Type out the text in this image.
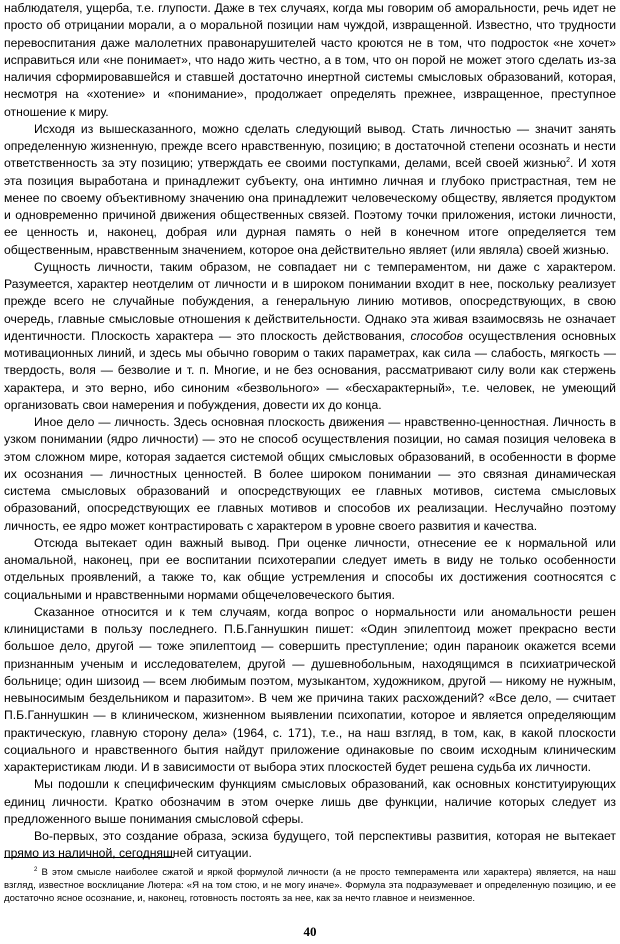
наблюдателя, ущерба, т.е. глупости. Даже в тех случаях, когда мы говорим об аморальности, речь идет не просто об отрицании морали, а о моральной позиции нам чуждой, извращенной. Известно, что трудности перевоспитания даже малолетних правонарушителей часто кроются не в том, что подросток «не хочет» исправиться или «не понимает», что надо жить честно, а в том, что он порой не может этого сделать из-за наличия сформировавшейся и ставшей достаточно инертной системы смысловых образований, которая, несмотря на «хотение» и «понимание», продолжает определять прежнее, извращенное, преступное отношение к миру.

Исходя из вышесказанного, можно сделать следующий вывод. Стать личностью — значит занять определенную жизненную, прежде всего нравственную, позицию; в достаточной степени осознать и нести ответственность за эту позицию; утверждать ее своими поступками, делами, всей своей жизнью$^2$. И хотя эта позиция выработана и принадлежит субъекту, она интимно личная и глубоко пристрастная, тем не менее по своему объективному значению она принадлежит человеческому обществу, является продуктом и одновременно причиной движения общественных связей. Поэтому точки приложения, истоки личности, ее ценность и, наконец, добрая или дурная память о ней в конечном итоге определяется тем общественным, нравственным значением, которое она действительно являет (или являла) своей жизнью.

Сущность личности, таким образом, не совпадает ни с темпераментом, ни даже с характером. Разумеется, характер неотделим от личности и в широком понимании входит в нее, поскольку реализует прежде всего не случайные побуждения, а генеральную линию мотивов, опосредствующих, в свою очередь, главные смысловые отношения к действительности. Однако эта живая взаимосвязь не означает идентичности. Плоскость характера — это плоскость действования, способов осуществления основных мотивационных линий, и здесь мы обычно говорим о таких параметрах, как сила — слабость, мягкость — твердость, воля — безволие и т. п. Многие, и не без основания, рассматривают силу воли как стержень характера, и это верно, ибо синоним «безвольного» — «бесхарактерный», т.е. человек, не умеющий организовать свои намерения и побуждения, довести их до конца.

Иное дело — личность. Здесь основная плоскость движения — нравственно-ценностная. Личность в узком понимании (ядро личности) — это не способ осуществления позиции, но самая позиция человека в этом сложном мире, которая задается системой общих смысловых образований, в особенности в форме их осознания — личностных ценностей. В более широком понимании — это связная динамическая система смысловых образований и опосредствующих ее главных мотивов, система смысловых образований, опосредствующих ее главных мотивов и способов их реализации. Неслучайно поэтому личность, ее ядро может контрастировать с характером в уровне своего развития и качества.

Отсюда вытекает один важный вывод. При оценке личности, отнесение ее к нормальной или аномальной, наконец, при ее воспитании психотерапии следует иметь в виду не только особенности отдельных проявлений, а также то, как общие устремления и способы их достижения соотносятся с социальными и нравственными нормами общечеловеческого бытия.

Сказанное относится и к тем случаям, когда вопрос о нормальности или аномальности решен клиницистами в пользу последнего. П.Б.Ганнушкин пишет: «Один эпилептоид может прекрасно вести большое дело, другой — тоже эпилептоид — совершить преступление; один параноик окажется всеми признанным ученым и исследователем, другой — душевнобольным, находящимся в психиатрической больнице; один шизоид — всем любимым поэтом, музыкантом, художником, другой — никому не нужным, невыносимым бездельником и паразитом». В чем же причина таких расхождений? «Все дело, — считает П.Б.Ганнушкин — в клиническом, жизненном выявлении психопатии, которое и является определяющим практическую, главную сторону дела» (1964, с. 171), т.е., на наш взгляд, в том, как, в какой плоскости социального и нравственного бытия найдут приложение одинаковые по своим исходным клиническим характеристикам люди. И в зависимости от выбора этих плоскостей будет решена судьба их личности.

Мы подошли к специфическим функциям смысловых образований, как основных конституирующих единиц личности. Кратко обозначим в этом очерке лишь две функции, наличие которых следует из предложенного выше понимания смысловой сферы.

Во-первых, это создание образа, эскиза будущего, той перспективы развития, которая не вытекает прямо из наличной, сегодняшней ситуации.

$^2$ В этом смысле наиболее сжатой и яркой формулой личности (а не просто темперамента или характера) является, на наш взгляд, известное восклицание Лютера: «Я на том стою, и не могу иначе». Формула эта подразумевает и определенную позицию, и ее достаточно ясное осознание, и, наконец, готовность постоять за нее, как за нечто главное и неизменное.

40
